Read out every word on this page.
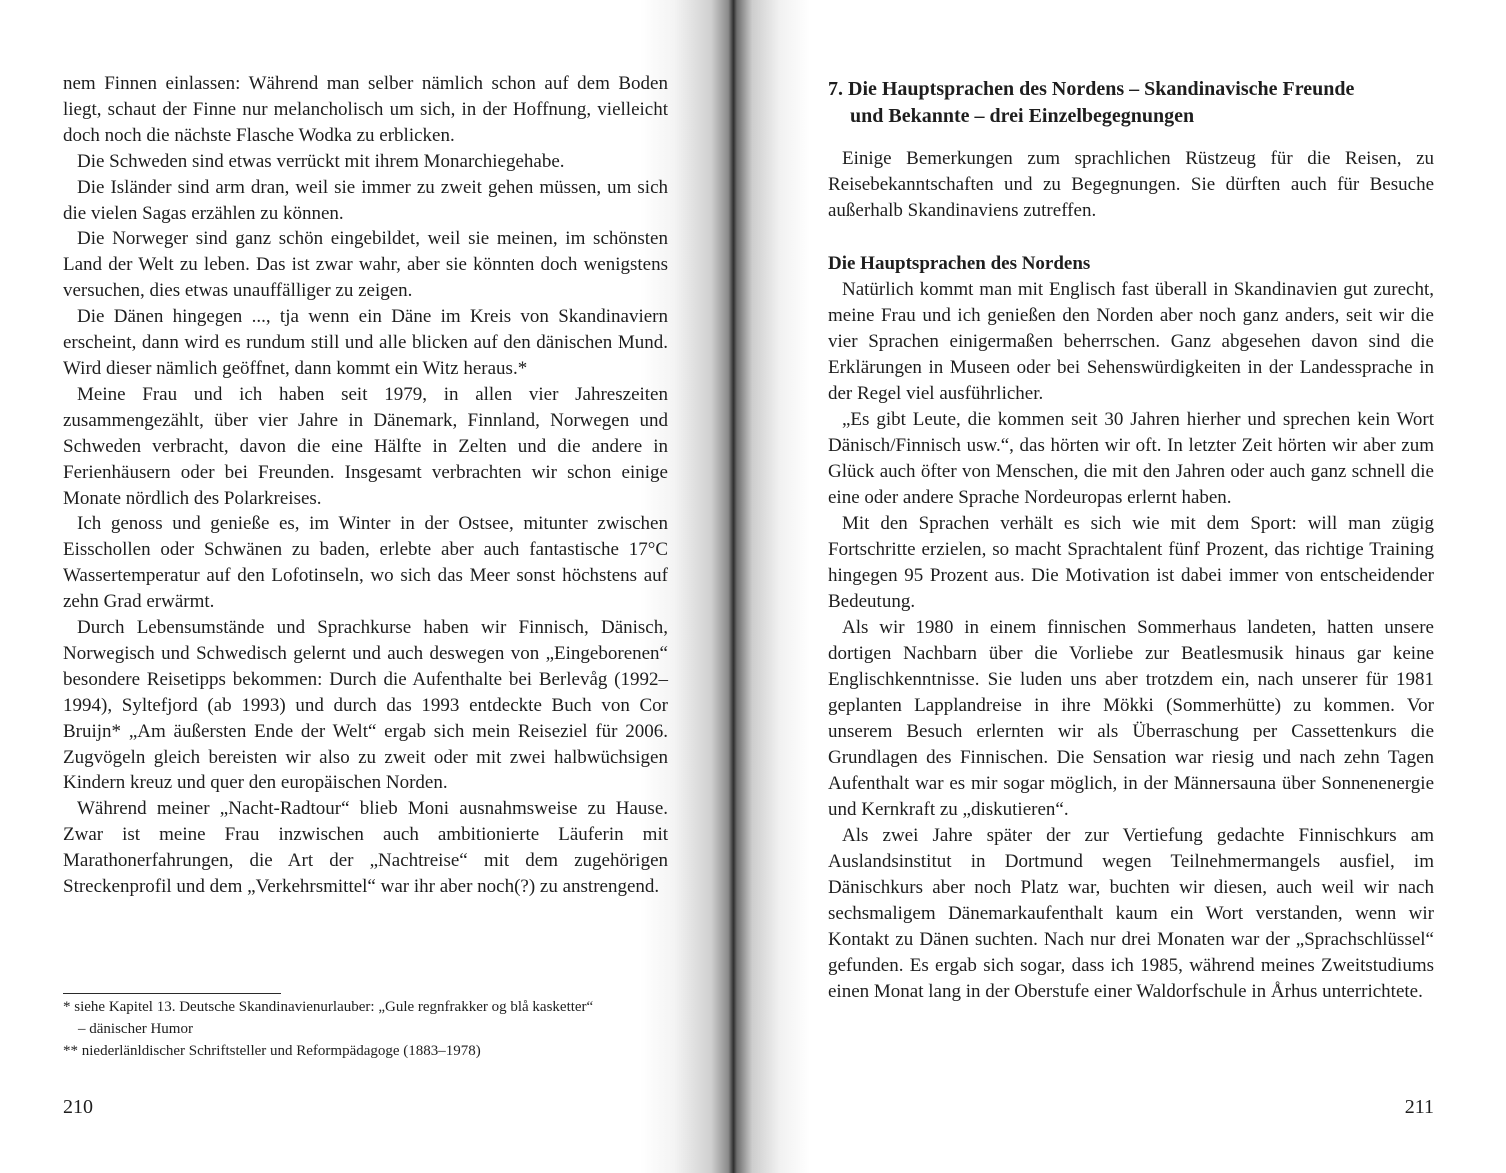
nem Finnen einlassen: Während man selber nämlich schon auf dem Boden liegt, schaut der Finne nur melancholisch um sich, in der Hoffnung, vielleicht doch noch die nächste Flasche Wodka zu erblicken.

Die Schweden sind etwas verrückt mit ihrem Monarchiegehabe.

Die Isländer sind arm dran, weil sie immer zu zweit gehen müssen, um sich die vielen Sagas erzählen zu können.

Die Norweger sind ganz schön eingebildet, weil sie meinen, im schönsten Land der Welt zu leben. Das ist zwar wahr, aber sie könnten doch wenigstens versuchen, dies etwas unauffälliger zu zeigen.

Die Dänen hingegen ..., tja wenn ein Däne im Kreis von Skandinaviern erscheint, dann wird es rundum still und alle blicken auf den dänischen Mund. Wird dieser nämlich geöffnet, dann kommt ein Witz heraus.*

Meine Frau und ich haben seit 1979, in allen vier Jahreszeiten zusammengezählt, über vier Jahre in Dänemark, Finnland, Norwegen und Schweden verbracht, davon die eine Hälfte in Zelten und die andere in Ferienhäusern oder bei Freunden. Insgesamt verbrachten wir schon einige Monate nördlich des Polarkreises.

Ich genoss und genieße es, im Winter in der Ostsee, mitunter zwischen Eisschollen oder Schwänen zu baden, erlebte aber auch fantastische 17°C Wassertemperatur auf den Lofotinseln, wo sich das Meer sonst höchstens auf zehn Grad erwärmt.

Durch Lebensumstände und Sprachkurse haben wir Finnisch, Dänisch, Norwegisch und Schwedisch gelernt und auch deswegen von „Eingeborenen“ besondere Reisetipps bekommen: Durch die Aufenthalte bei Berlevåg (1992–1994), Syltefjord (ab 1993) und durch das 1993 entdeckte Buch von Cor Bruijn* „Am äußersten Ende der Welt“ ergab sich mein Reiseziel für 2006. Zugvögeln gleich bereisten wir also zu zweit oder mit zwei halbwüchsigen Kindern kreuz und quer den europäischen Norden.

Während meiner „Nacht-Radtour“ blieb Moni ausnahmsweise zu Hause. Zwar ist meine Frau inzwischen auch ambitionierte Läuferin mit Marathonerfahrungen, die Art der „Nachtreise“ mit dem zugehörigen Streckenprofil und dem „Verkehrsmittel“ war ihr aber noch(?) zu anstrengend.

* siehe Kapitel 13. Deutsche Skandinavienurlauber: „Gule regnfrakker og blå kasketter“

– dänischer Humor

** niederlänldischer Schriftsteller und Reformpädagoge (1883–1978)

210
7. Die Hauptsprachen des Nordens – Skandinavische Freunde
und Bekannte – drei Einzelbegegnungen

Einige Bemerkungen zum sprachlichen Rüstzeug für die Reisen, zu Reisebekanntschaften und zu Begegnungen. Sie dürften auch für Besuche außerhalb Skandinaviens zutreffen.

Die Hauptsprachen des Nordens

Natürlich kommt man mit Englisch fast überall in Skandinavien gut zurecht, meine Frau und ich genießen den Norden aber noch ganz anders, seit wir die vier Sprachen einigermaßen beherrschen. Ganz abgesehen davon sind die Erklärungen in Museen oder bei Sehenswürdigkeiten in der Landessprache in der Regel viel ausführlicher.

„Es gibt Leute, die kommen seit 30 Jahren hierher und sprechen kein Wort Dänisch/Finnisch usw.“, das hörten wir oft. In letzter Zeit hörten wir aber zum Glück auch öfter von Menschen, die mit den Jahren oder auch ganz schnell die eine oder andere Sprache Nordeuropas erlernt haben.

Mit den Sprachen verhält es sich wie mit dem Sport: will man zügig Fortschritte erzielen, so macht Sprachtalent fünf Prozent, das richtige Training hingegen 95 Prozent aus. Die Motivation ist dabei immer von entscheidender Bedeutung.

Als wir 1980 in einem finnischen Sommerhaus landeten, hatten unsere dortigen Nachbarn über die Vorliebe zur Beatlesmusik hinaus gar keine Englischkenntnisse. Sie luden uns aber trotzdem ein, nach unserer für 1981 geplanten Lapplandreise in ihre Mökki (Sommerhütte) zu kommen. Vor unserem Besuch erlernten wir als Überraschung per Cassettenkurs die Grundlagen des Finnischen. Die Sensation war riesig und nach zehn Tagen Aufenthalt war es mir sogar möglich, in der Männersauna über Sonnenenergie und Kernkraft zu „diskutieren“.

Als zwei Jahre später der zur Vertiefung gedachte Finnischkurs am Auslandsinstitut in Dortmund wegen Teilnehmermangels ausfiel, im Dänischkurs aber noch Platz war, buchten wir diesen, auch weil wir nach sechsmaligem Dänemarkaufenthalt kaum ein Wort verstanden, wenn wir Kontakt zu Dänen suchten. Nach nur drei Monaten war der „Sprachschlüssel“ gefunden. Es ergab sich sogar, dass ich 1985, während meines Zweitstudiums einen Monat lang in der Oberstufe einer Waldorfschule in Århus unterrichtete.

211
